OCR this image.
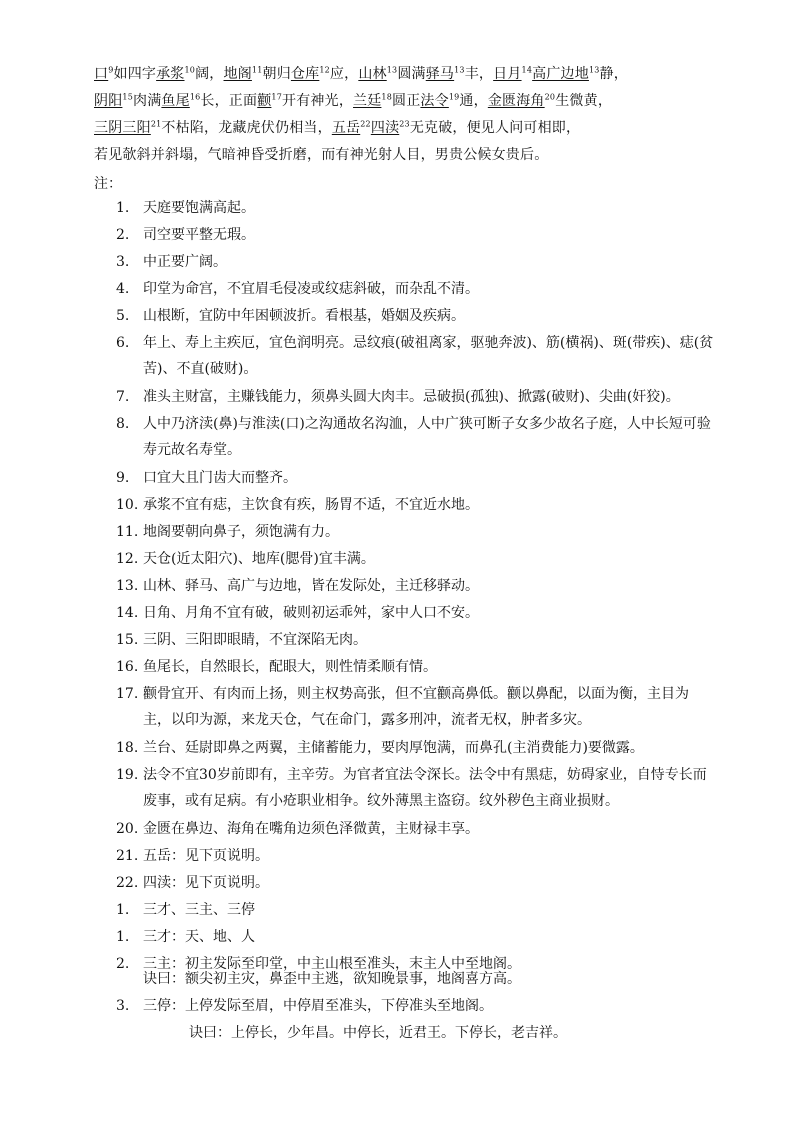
口$^9$如四字承浆$^{10}$阔，地阁$^{11}$朝归仓库$^{12}$应，山林$^{13}$圆满驿马$^{13}$丰，日月$^{14}$高广边地$^{13}$静，
阴阳$^{15}$肉满鱼尾$^{16}$长，正面颧$^{17}$开有神光，兰廷$^{18}$圆正法令$^{19}$通，金匮海角$^{20}$生微黄，
三阴三阳$^{21}$不枯陷，龙藏虎伏仍相当，五岳$^{22}$四渎$^{23}$无克破，便见人问可相即，
若见欹斜并斜塌，气暗神昏受折磨，而有神光射人目，男贵公候女贵后。
注：
1. 天庭要饱满高起。
2. 司空要平整无瑕。
3. 中正要广阔。
4. 印堂为命宫，不宜眉毛侵凌或纹痣斜破，而杂乱不清。
5. 山根断，宜防中年困顿波折。看根基，婚姻及疾病。
6. 年上、寿上主疾厄，宜色润明亮。忌纹痕(破祖离家，驱驰奔波)、筋(横祸)、斑(带疾)、痣(贫苦)、不直(破财)。
7. 准头主财富，主赚钱能力，须鼻头圆大肉丰。忌破损(孤独)、掀露(破财)、尖曲(奸狡)。
8. 人中乃济渎(鼻)与淮渎(口)之沟通故名沟洫，人中广狭可断子女多少故名子庭，人中长短可验寿元故名寿堂。
9. 口宜大且门齿大而整齐。
10. 承浆不宜有痣，主饮食有疾，肠胃不适，不宜近水地。
11. 地阁要朝向鼻子，须饱满有力。
12. 天仓(近太阳穴)、地库(腮骨)宜丰满。
13. 山林、驿马、高广与边地，皆在发际处，主迁移驿动。
14. 日角、月角不宜有破，破则初运乖舛，家中人口不安。
15. 三阴、三阳即眼睛，不宜深陷无肉。
16. 鱼尾长，自然眼长，配眼大，则性情柔顺有情。
17. 颧骨宜开、有肉而上扬，则主权势高张，但不宜颧高鼻低。颧以鼻配，以面为衡，主目为主，以印为源，来龙天仓，气在命门，露多刑冲，流者无权，肿者多灾。
18. 兰台、廷尉即鼻之两翼，主储蓄能力，要肉厚饱满，而鼻孔(主消费能力)要微露。
19. 法令不宜30岁前即有，主辛劳。为官者宜法令深长。法令中有黑痣，妨碍家业，自恃专长而废事，或有足病。有小疮职业相争。纹外薄黑主盗窃。纹外秽色主商业损财。
20. 金匮在鼻边、海角在嘴角边须色泽微黄，主财禄丰享。
21. 五岳：见下页说明。
22. 四渎：见下页说明。
1. 三才、三主、三停
1. 三才：天、地、人
2. 三主：初主发际至印堂，中主山根至准头，末主人中至地阁。
诀曰：额尖初主灾，鼻歪中主逃，欲知晚景事，地阁喜方高。
3. 三停：上停发际至眉，中停眉至准头，下停准头至地阁。
诀曰：上停长，少年昌。中停长，近君王。下停长，老吉祥。
